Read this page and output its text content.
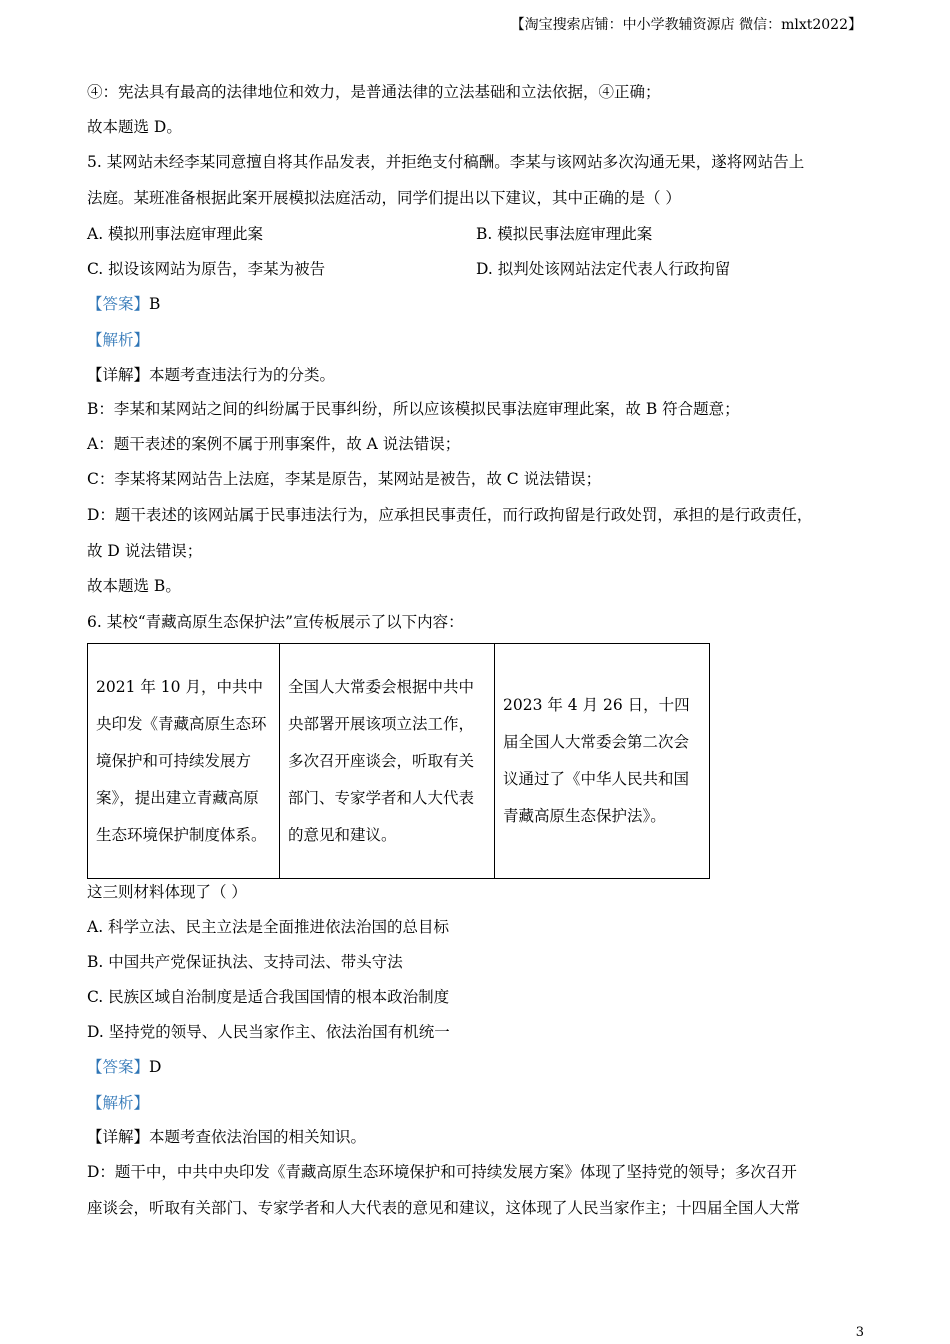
【淘宝搜索店铺：中小学教辅资源店 微信：mlxt2022】
④：宪法具有最高的法律地位和效力，是普通法律的立法基础和立法依据，④正确；
故本题选 D。
5. 某网站未经李某同意擅自将其作品发表，并拒绝支付稿酬。李某与该网站多次沟通无果，遂将网站告上
法庭。某班准备根据此案开展模拟法庭活动，同学们提出以下建议，其中正确的是（ ）
A. 模拟刑事法庭审理此案	B. 模拟民事法庭审理此案
C. 拟设该网站为原告，李某为被告	D. 拟判处该网站法定代表人行政拘留
【答案】B
【解析】
【详解】本题考查违法行为的分类。
B：李某和某网站之间的纠纷属于民事纠纷，所以应该模拟民事法庭审理此案，故 B 符合题意；
A：题干表述的案例不属于刑事案件，故 A 说法错误；
C：李某将某网站告上法庭，李某是原告，某网站是被告，故 C 说法错误；
D：题干表述的该网站属于民事违法行为，应承担民事责任，而行政拘留是行政处罚，承担的是行政责任，
故 D 说法错误；
故本题选 B。
6. 某校“青藏高原生态保护法”宣传板展示了以下内容：
2021 年 10 月，中共中央印发《青藏高原生态环境保护和可持续发展方案》，提出建立青藏高原生态环境保护制度体系。	全国人大常委会根据中共中央部署开展该项立法工作，多次召开座谈会，听取有关部门、专家学者和人大代表的意见和建议。	2023 年 4 月 26 日，十四届全国人大常委会第二次会议通过了《中华人民共和国青藏高原生态保护法》。
这三则材料体现了（ ）
A. 科学立法、民主立法是全面推进依法治国的总目标
B. 中国共产党保证执法、支持司法、带头守法
C. 民族区域自治制度是适合我国国情的根本政治制度
D. 坚持党的领导、人民当家作主、依法治国有机统一
【答案】D
【解析】
【详解】本题考查依法治国的相关知识。
D：题干中，中共中央印发《青藏高原生态环境保护和可持续发展方案》体现了坚持党的领导；多次召开
座谈会，听取有关部门、专家学者和人大代表的意见和建议，这体现了人民当家作主；十四届全国人大常
3
